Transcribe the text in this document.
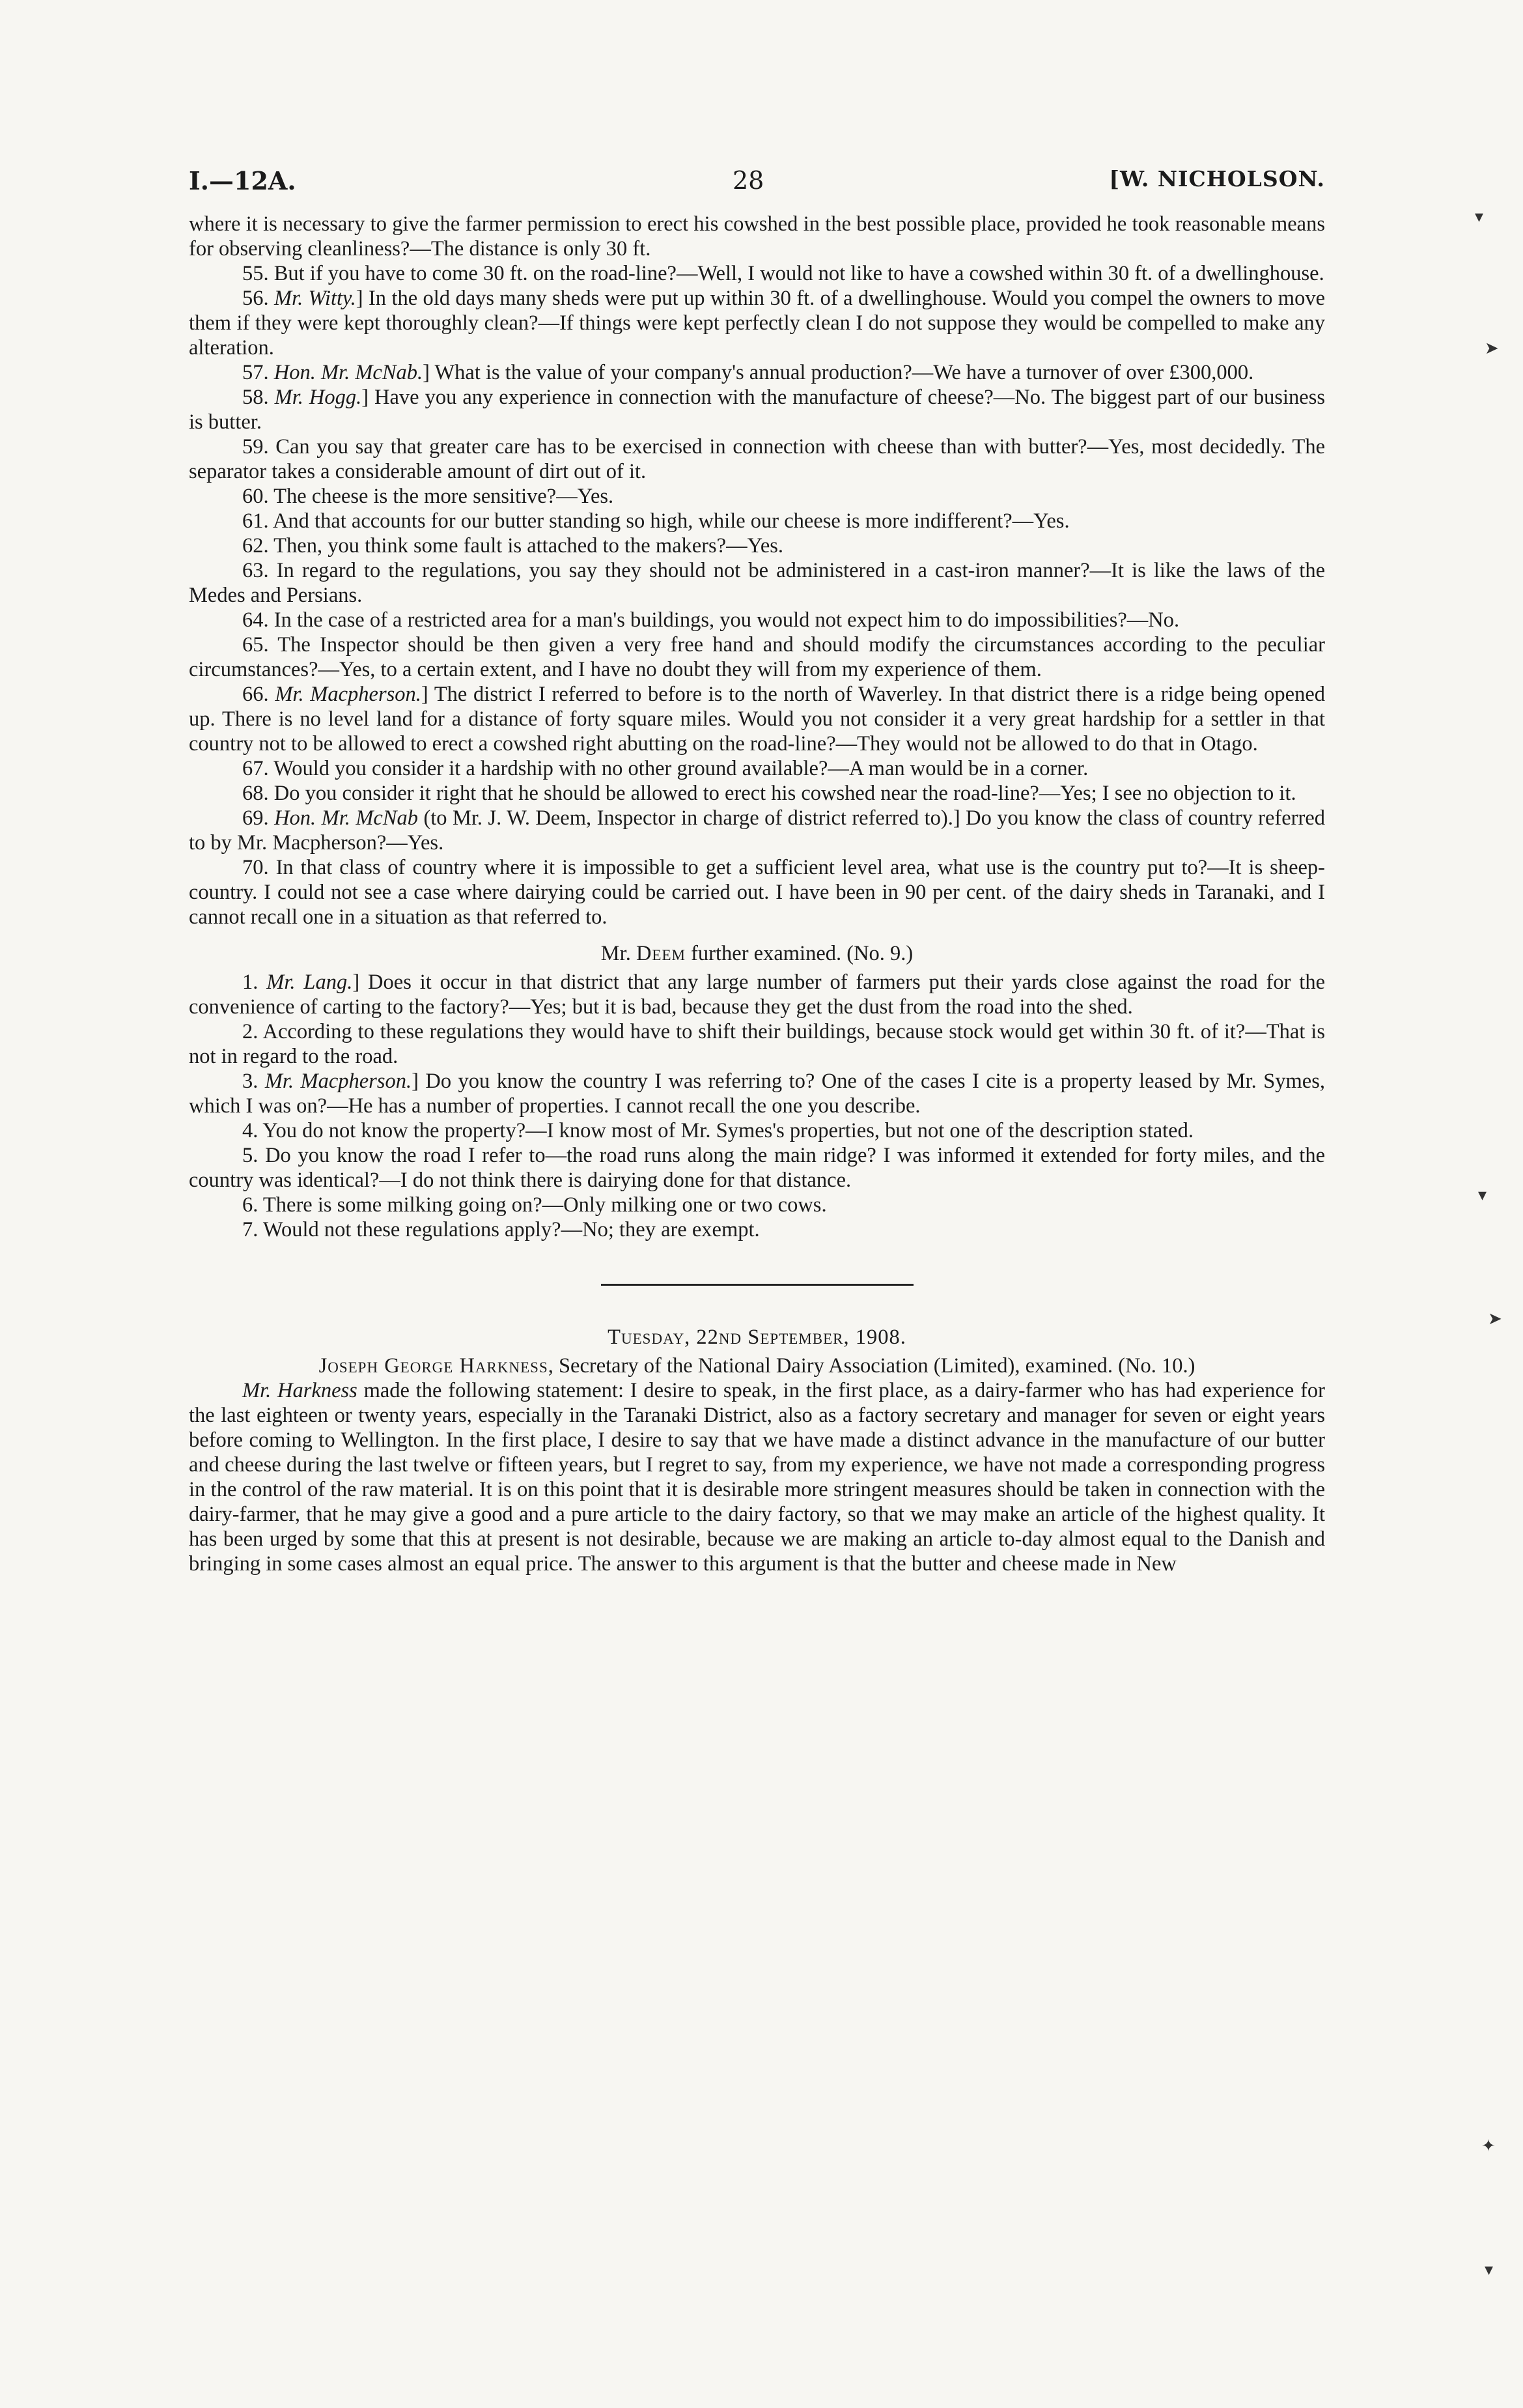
▾
➤
▾
➤
✦
▾
I.—12A.	28	[W. NICHOLSON.

where it is necessary to give the farmer permission to erect his cowshed in the best possible place, provided he took reasonable means for observing cleanliness?—The distance is only 30 ft.

55. But if you have to come 30 ft. on the road-line?—Well, I would not like to have a cowshed within 30 ft. of a dwellinghouse.

56. Mr. Witty.] In the old days many sheds were put up within 30 ft. of a dwellinghouse. Would you compel the owners to move them if they were kept thoroughly clean?—If things were kept perfectly clean I do not suppose they would be compelled to make any alteration.

57. Hon. Mr. McNab.] What is the value of your company's annual production?—We have a turnover of over £300,000.

58. Mr. Hogg.] Have you any experience in connection with the manufacture of cheese?—No. The biggest part of our business is butter.

59. Can you say that greater care has to be exercised in connection with cheese than with butter?—Yes, most decidedly. The separator takes a considerable amount of dirt out of it.

60. The cheese is the more sensitive?—Yes.

61. And that accounts for our butter standing so high, while our cheese is more indifferent?—Yes.

62. Then, you think some fault is attached to the makers?—Yes.

63. In regard to the regulations, you say they should not be administered in a cast-iron manner?—It is like the laws of the Medes and Persians.

64. In the case of a restricted area for a man's buildings, you would not expect him to do impossibilities?—No.

65. The Inspector should be then given a very free hand and should modify the circumstances according to the peculiar circumstances?—Yes, to a certain extent, and I have no doubt they will from my experience of them.

66. Mr. Macpherson.] The district I referred to before is to the north of Waverley. In that district there is a ridge being opened up. There is no level land for a distance of forty square miles. Would you not consider it a very great hardship for a settler in that country not to be allowed to erect a cowshed right abutting on the road-line?—They would not be allowed to do that in Otago.

67. Would you consider it a hardship with no other ground available?—A man would be in a corner.

68. Do you consider it right that he should be allowed to erect his cowshed near the road-line?—Yes; I see no objection to it.

69. Hon. Mr. McNab (to Mr. J. W. Deem, Inspector in charge of district referred to).] Do you know the class of country referred to by Mr. Macpherson?—Yes.

70. In that class of country where it is impossible to get a sufficient level area, what use is the country put to?—It is sheep-country. I could not see a case where dairying could be carried out. I have been in 90 per cent. of the dairy sheds in Taranaki, and I cannot recall one in a situation as that referred to.

Mr. Deem further examined. (No. 9.)

1. Mr. Lang.] Does it occur in that district that any large number of farmers put their yards close against the road for the convenience of carting to the factory?—Yes; but it is bad, because they get the dust from the road into the shed.

2. According to these regulations they would have to shift their buildings, because stock would get within 30 ft. of it?—That is not in regard to the road.

3. Mr. Macpherson.] Do you know the country I was referring to? One of the cases I cite is a property leased by Mr. Symes, which I was on?—He has a number of properties. I cannot recall the one you describe.

4. You do not know the property?—I know most of Mr. Symes's properties, but not one of the description stated.

5. Do you know the road I refer to—the road runs along the main ridge? I was informed it extended for forty miles, and the country was identical?—I do not think there is dairying done for that distance.

6. There is some milking going on?—Only milking one or two cows.

7. Would not these regulations apply?—No; they are exempt.

Tuesday, 22nd September, 1908.
Joseph George Harkness, Secretary of the National Dairy Association (Limited), examined. (No. 10.)

Mr. Harkness made the following statement: I desire to speak, in the first place, as a dairy-farmer who has had experience for the last eighteen or twenty years, especially in the Taranaki District, also as a factory secretary and manager for seven or eight years before coming to Wellington. In the first place, I desire to say that we have made a distinct advance in the manufacture of our butter and cheese during the last twelve or fifteen years, but I regret to say, from my experience, we have not made a corresponding progress in the control of the raw material. It is on this point that it is desirable more stringent measures should be taken in connection with the dairy-farmer, that he may give a good and a pure article to the dairy factory, so that we may make an article of the highest quality. It has been urged by some that this at present is not desirable, because we are making an article to-day almost equal to the Danish and bringing in some cases almost an equal price. The answer to this argument is that the butter and cheese made in New
